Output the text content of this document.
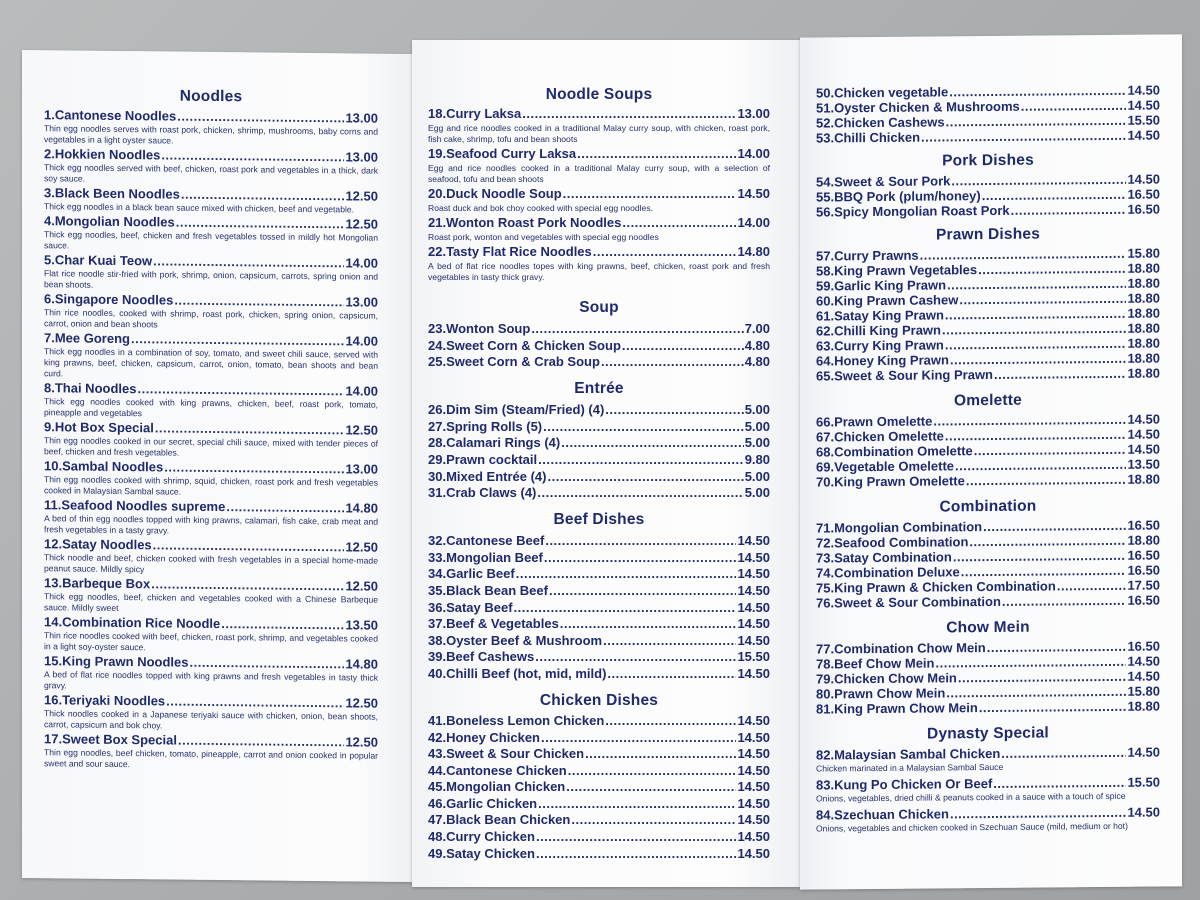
Noodles
1. Cantonese Noodles .....	13.00
Thin egg noodles serves with roast pork, chicken, shrimp, mushrooms, baby corns and vegetables in a light oyster sauce.
2. Hokkien Noodles .....	13.00
Thick egg noodles served with beef, chicken, roast pork and vegetables in a thick, dark soy sauce.
3. Black Been Noodles .....	12.50
Thick egg noodles in a black bean sauce mixed with chicken, beef and vegetable.
4. Mongolian Noodles .....	12.50
Thick egg noodles, beef, chicken and fresh vegetables tossed in mildly hot Mongolian sauce.
5. Char Kuai Teow .....	14.00
Flat rice noodle stir-fried with pork, shrimp, onion, capsicum, carrots, spring onion and bean shoots.
6. Singapore Noodles .....	13.00
Thin rice noodles, cooked with shrimp, roast pork, chicken, spring onion, capsicum, carrot, onion and bean shoots
7. Mee Goreng .....	14.00
Thick egg noodles in a combination of soy, tomato, and sweet chili sauce, served with king prawns, beef, chicken, capsicum, carrot, onion, tomato, bean shoots and bean curd.
8. Thai Noodles .....	14.00
Thick egg noodles cooked with king prawns, chicken, beef, roast pork, tomato, pineapple and vegetables
9. Hot Box Special .....	12.50
Thin egg noodles cooked in our secret, special chili sauce, mixed with tender pieces of beef, chicken and fresh vegetables.
10. Sambal Noodles .....	13.00
Thin egg noodles cooked with shrimp, squid, chicken, roast pork and fresh vegetables cooked in Malaysian Sambal sauce.
11. Seafood Noodles supreme .....	14.80
A bed of thin egg noodles topped with king prawns, calamari, fish cake, crab meat and fresh vegetables in a tasty gravy.
12. Satay Noodles .....	12.50
Thick noodle and beef, chicken cooked with fresh vegetables in a special home-made peanut sauce. Mildly spicy
13. Barbeque Box .....	12.50
Thick egg noodles, beef, chicken and vegetables cooked with a Chinese Barbeque sauce. Mildly sweet
14. Combination Rice Noodle .....	13.50
Thin rice noodles cooked with beef, chicken, roast pork, shrimp, and vegetables cooked in a light soy-oyster sauce.
15. King Prawn Noodles .....	14.80
A bed of flat rice noodles topped with king prawns and fresh vegetables in tasty thick gravy.
16. Teriyaki Noodles .....	12.50
Thick noodles cooked in a Japanese teriyaki sauce with chicken, onion, bean shoots, carrot, capsicum and bok choy.
17. Sweet Box Special .....	12.50
Thin egg noodles, beef chicken, tomato, pineapple, carrot and onion cooked in popular sweet and sour sauce.
Noodle Soups
18. Curry Laksa .....	13.00
Egg and rice noodles cooked in a traditional Malay curry soup, with chicken, roast pork, fish cake, shrimp, tofu and bean shoots
19. Seafood Curry Laksa .....	14.00
Egg and rice noodles cooked in a traditional Malay curry soup, with a selection of seafood, tofu and bean shoots
20. Duck Noodle Soup .....	14.50
Roast duck and bok choy cooked with special egg noodles.
21. Wonton Roast Pork Noodles .....	14.00
Roast pork, wonton and vegetables with special egg noodles
22. Tasty Flat Rice Noodles .....	14.80
A bed of flat rice noodles topes with king prawns, beef, chicken, roast pork and fresh vegetables in tasty thick gravy.
Soup
23. Wonton Soup .....	7.00
24. Sweet Corn & Chicken Soup .....	4.80
25. Sweet Corn & Crab Soup .....	4.80
Entrée
26. Dim Sim (Steam/Fried) (4) .....	5.00
27. Spring Rolls (5) .....	5.00
28. Calamari Rings (4) .....	5.00
29. Prawn cocktail .....	9.80
30. Mixed Entrée (4) .....	5.00
31. Crab Claws (4) .....	5.00
Beef Dishes
32. Cantonese Beef .....	14.50
33. Mongolian Beef .....	14.50
34. Garlic Beef .....	14.50
35. Black Bean Beef .....	14.50
36. Satay Beef .....	14.50
37. Beef & Vegetables .....	14.50
38. Oyster Beef & Mushroom .....	14.50
39. Beef Cashews .....	15.50
40. Chilli Beef (hot, mid, mild) .....	14.50
Chicken Dishes
41. Boneless Lemon Chicken .....	14.50
42. Honey Chicken .....	14.50
43. Sweet & Sour Chicken .....	14.50
44. Cantonese Chicken .....	14.50
45. Mongolian Chicken .....	14.50
46. Garlic Chicken .....	14.50
47. Black Bean Chicken .....	14.50
48. Curry Chicken .....	14.50
49. Satay Chicken .....	14.50
50. Chicken vegetable .....	14.50
51. Oyster Chicken & Mushrooms .....	14.50
52. Chicken Cashews .....	15.50
53. Chilli Chicken .....	14.50
Pork Dishes
54. Sweet & Sour Pork .....	14.50
55. BBQ Pork (plum/honey) .....	16.50
56. Spicy Mongolian Roast Pork .....	16.50
Prawn Dishes
57. Curry Prawns .....	15.80
58. King Prawn Vegetables .....	18.80
59. Garlic King Prawn .....	18.80
60. King Prawn Cashew .....	18.80
61. Satay King Prawn .....	18.80
62. Chilli King Prawn .....	18.80
63. Curry King Prawn .....	18.80
64. Honey King Prawn .....	18.80
65. Sweet & Sour King Prawn .....	18.80
Omelette
66. Prawn Omelette .....	14.50
67. Chicken Omelette .....	14.50
68. Combination Omelette .....	14.50
69. Vegetable Omelette .....	13.50
70. King Prawn Omelette .....	18.80
Combination
71. Mongolian Combination .....	16.50
72. Seafood Combination .....	18.80
73. Satay Combination .....	16.50
74. Combination Deluxe .....	16.50
75. King Prawn & Chicken Combination .....	17.50
76. Sweet & Sour Combination .....	16.50
Chow Mein
77. Combination Chow Mein .....	16.50
78. Beef Chow Mein .....	14.50
79. Chicken Chow Mein .....	14.50
80. Prawn Chow Mein .....	15.80
81. King Prawn Chow Mein .....	18.80
Dynasty Special
82. Malaysian Sambal Chicken .....	14.50
Chicken marinated in a Malaysian Sambal Sauce
83. Kung Po Chicken Or Beef .....	15.50
Onions, vegetables, dried chilli & peanuts cooked in a sauce with a touch of spice
84. Szechuan Chicken .....	14.50
Onions, vegetables and chicken cooked in Szechuan Sauce (mild, medium or hot)
